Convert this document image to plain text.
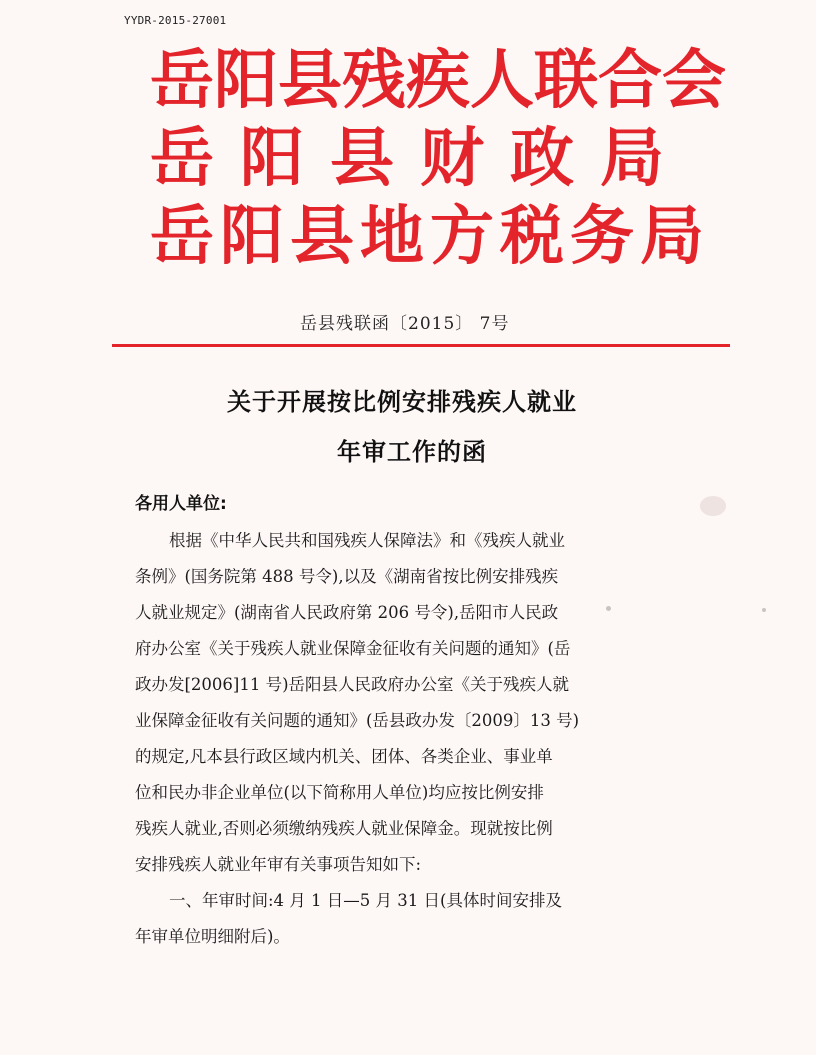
YYDR-2015-27001
岳阳县残疾人联合会
岳阳县财政局
岳阳县地方税务局
岳县残联函〔2015〕 7号
关于开展按比例安排残疾人就业
年审工作的函
各用人单位:
根据《中华人民共和国残疾人保障法》和《残疾人就业
条例》(国务院第 488 号令),以及《湖南省按比例安排残疾
人就业规定》(湖南省人民政府第 206 号令),岳阳市人民政
府办公室《关于残疾人就业保障金征收有关问题的通知》(岳
政办发[2006]11 号)岳阳县人民政府办公室《关于残疾人就
业保障金征收有关问题的通知》(岳县政办发〔2009〕13 号)
的规定,凡本县行政区域内机关、团体、各类企业、事业单
位和民办非企业单位(以下简称用人单位)均应按比例安排
残疾人就业,否则必须缴纳残疾人就业保障金。现就按比例
安排残疾人就业年审有关事项告知如下:
一、年审时间:4 月 1 日—5 月 31 日(具体时间安排及
年审单位明细附后)。
